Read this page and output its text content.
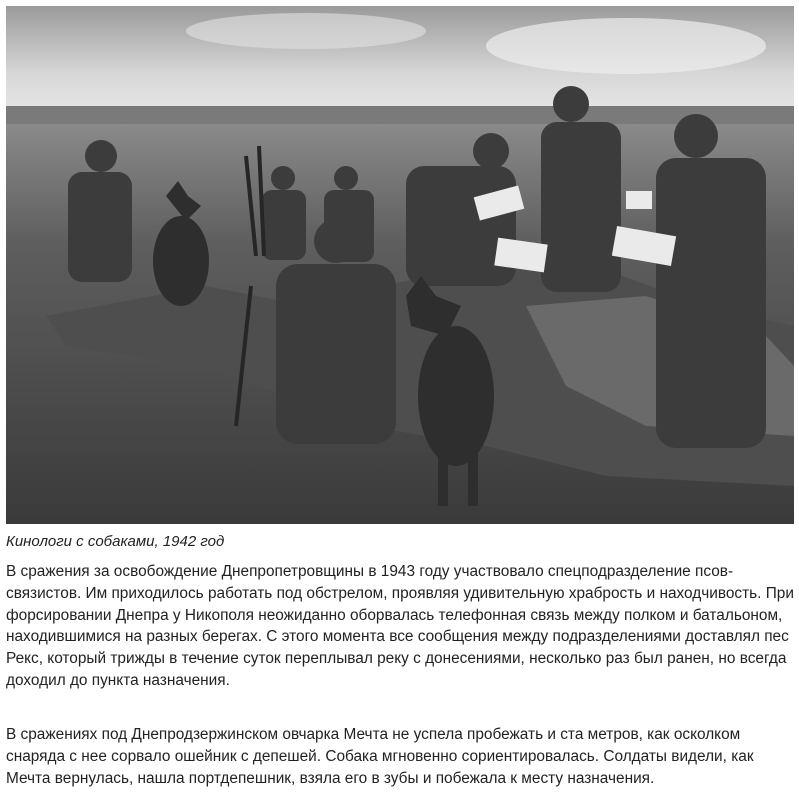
Кинологи с собаками, 1942 год

В сражения за освобождение Днепропетровщины в 1943 году участвовало спецподразделение псов-связистов. Им приходилось работать под обстрелом, проявляя удивительную храбрость и находчивость. При форсировании Днепра у Никополя неожиданно оборвалась телефонная связь между полком и батальоном, находившимися на разных берегах. С этого момента все сообщения между подразделениями доставлял пес Рекс, который трижды в течение суток переплывал реку с донесениями, несколько раз был ранен, но всегда доходил до пункта назначения.

В сражениях под Днепродзержинском овчарка Мечта не успела пробежать и ста метров, как осколком снаряда с нее сорвало ошейник с депешей. Собака мгновенно сориентировалась. Солдаты видели, как Мечта вернулась, нашла портдепешник, взяла его в зубы и побежала к месту назначения.
